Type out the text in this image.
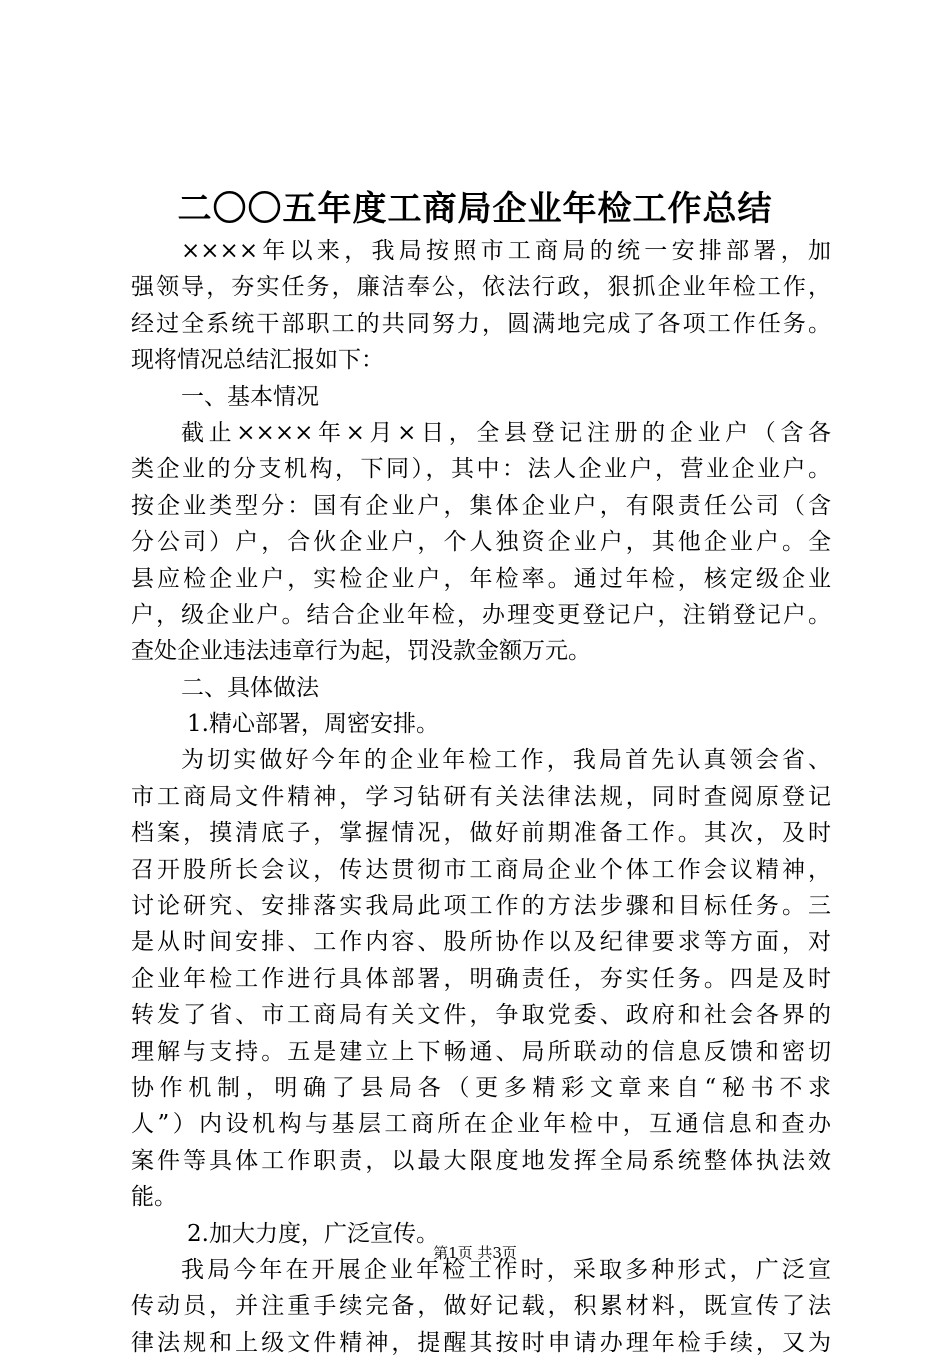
二〇〇五年度工商局企业年检工作总结
××××年以来，我局按照市工商局的统一安排部署，加
强领导，夯实任务，廉洁奉公，依法行政，狠抓企业年检工作，
经过全系统干部职工的共同努力，圆满地完成了各项工作任务。
现将情况总结汇报如下：
一、基本情况
截止××××年×月×日，全县登记注册的企业户（含各
类企业的分支机构，下同），其中：法人企业户，营业企业户。
按企业类型分：国有企业户，集体企业户，有限责任公司（含
分公司）户，合伙企业户，个人独资企业户，其他企业户。全
县应检企业户，实检企业户，年检率。通过年检，核定级企业
户，级企业户。结合企业年检，办理变更登记户，注销登记户。
查处企业违法违章行为起，罚没款金额万元。
二、具体做法
1.精心部署，周密安排。
为切实做好今年的企业年检工作，我局首先认真领会省、
市工商局文件精神，学习钻研有关法律法规，同时查阅原登记
档案，摸清底子，掌握情况，做好前期准备工作。其次，及时
召开股所长会议，传达贯彻市工商局企业个体工作会议精神，
讨论研究、安排落实我局此项工作的方法步骤和目标任务。三
是从时间安排、工作内容、股所协作以及纪律要求等方面，对
企业年检工作进行具体部署，明确责任，夯实任务。四是及时
转发了省、市工商局有关文件，争取党委、政府和社会各界的
理解与支持。五是建立上下畅通、局所联动的信息反馈和密切
协作机制，明确了县局各（更多精彩文章来自“秘书不求
人”）内设机构与基层工商所在企业年检中，互通信息和查办
案件等具体工作职责，以最大限度地发挥全局系统整体执法效
能。
2.加大力度，广泛宣传。
我局今年在开展企业年检工作时，采取多种形式，广泛宣
传动员，并注重手续完备，做好记载，积累材料，既宣传了法
律法规和上级文件精神，提醒其按时申请办理年检手续，又为
第1页 共3页
